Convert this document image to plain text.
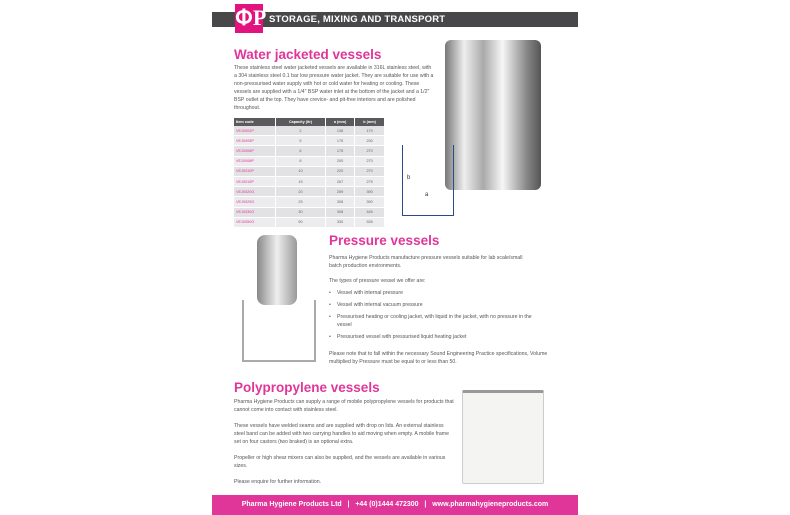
ՓP STORAGE, MIXING AND TRANSPORT
Water jacketed vessels

These stainless steel water jacketed vessels are available in 316L stainless steel, with a 304 stainless steel 0.1 bar low pressure water jacket. They are suitable for use with a non-pressurised water supply with hot or cold water for heating or cooling. These vessels are supplied with a 1/4" BSP water inlet at the bottom of the jacket and a 1/2" BSP outlet at the top. They have crevice- and pit-free interiors and are polished throughout.

Item code	Capacity (ltr)	a (mm)	b (mm)
VEJ0002P	2	136	170
VEJ0005P	5	175	230
VEJ0006P	6	175	270
VEJ0008P	8	200	270
VEJ0010P	10	220	270
VEJ0015P	15	267	275
VEJ0020G	20	259	390
VEJ0025G	25	308	390
VEJ0030G	30	308	445
VEJ0050G	50	330	535
b
a
Pressure vessels

Pharma Hygiene Products manufacture pressure vessels suitable for lab scale/small batch production environments.

The types of pressure vessel we offer are:

• Vessel with internal pressure
• Vessel with internal vacuum pressure
• Pressurised heating or cooling jacket, with liquid in the jacket, with no pressure in the vessel
• Pressurised vessel with pressurised liquid heating jacket

Please note that to fall within the necessary Sound Engineering Practice specifications, Volume multiplied by Pressure must be equal to or less than 50.

Polypropylene vessels

Pharma Hygiene Products can supply a range of mobile polypropylene vessels for products that cannot come into contact with stainless steel.

These vessels have welded seams and are supplied with drop on lids. An external stainless steel band can be added with two carrying handles to aid moving when empty. A mobile frame set on four castors (two braked) is an optional extra.

Propeller or high shear mixers can also be supplied, and the vessels are available in various sizes.

Please enquire for further information.

Pharma Hygiene Products Ltd   |   +44 (0)1444 472300   |   www.pharmahygieneproducts.com
